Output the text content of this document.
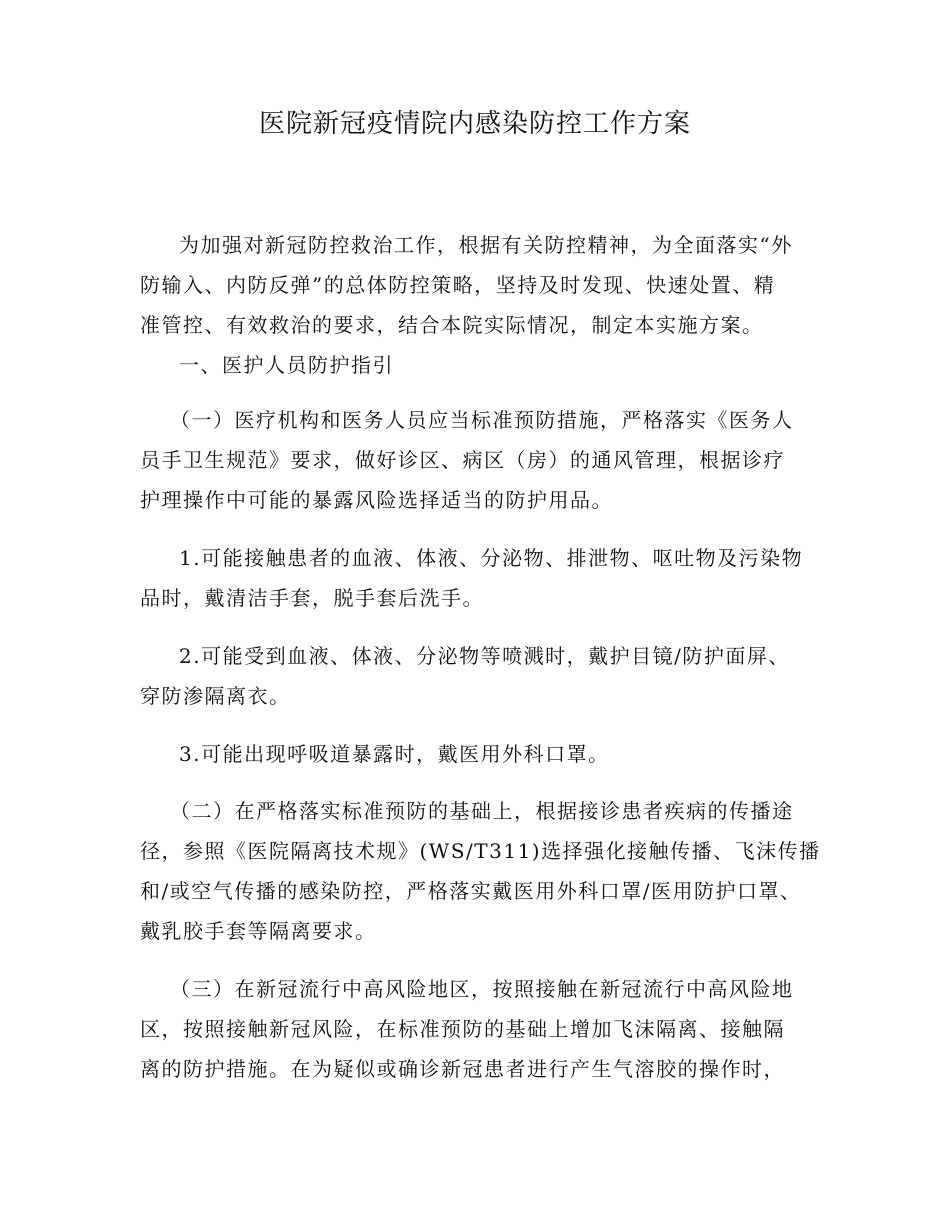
医院新冠疫情院内感染防控工作方案
为加强对新冠防控救治工作，根据有关防控精神，为全面落实“外
防输入、内防反弹”的总体防控策略，坚持及时发现、快速处置、精
准管控、有效救治的要求，结合本院实际情况，制定本实施方案。
一、医护人员防护指引
（一）医疗机构和医务人员应当标准预防措施，严格落实《医务人
员手卫生规范》要求，做好诊区、病区（房）的通风管理，根据诊疗
护理操作中可能的暴露风险选择适当的防护用品。
1.可能接触患者的血液、体液、分泌物、排泄物、呕吐物及污染物
品时，戴清洁手套，脱手套后洗手。
2.可能受到血液、体液、分泌物等喷溅时，戴护目镜/防护面屏、
穿防渗隔离衣。
3.可能出现呼吸道暴露时，戴医用外科口罩。
（二）在严格落实标准预防的基础上，根据接诊患者疾病的传播途
径，参照《医院隔离技术规》(WS/T311)选择强化接触传播、飞沫传播
和/或空气传播的感染防控，严格落实戴医用外科口罩/医用防护口罩、
戴乳胶手套等隔离要求。
（三）在新冠流行中高风险地区，按照接触在新冠流行中高风险地
区，按照接触新冠风险，在标准预防的基础上增加飞沫隔离、接触隔
离的防护措施。在为疑似或确诊新冠患者进行产生气溶胶的操作时，
